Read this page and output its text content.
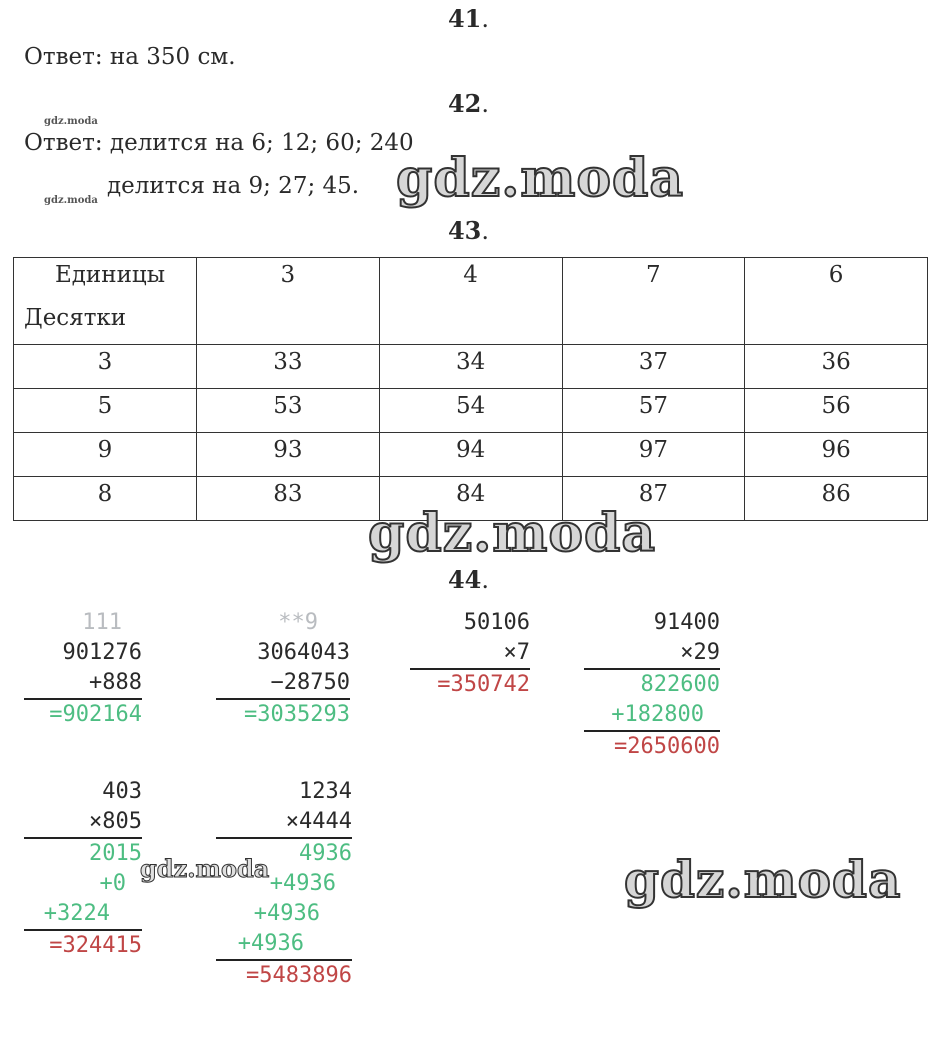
41.
Ответ: на 350 см.
42.
gdz.moda
Ответ: делится на 6; 12; 60; 240
gdz.moda
делится на 9; 27; 45. gdz.moda
43.
Единицы
Десятки	3	4	7	6
3	33	34	37	36
5	53	54	57	56
9	93	94	97	96
8	83	84	87	86
gdz.moda
44.
111
901276
+888
=902164
**9
3064043
−28750
=3035293
50106
×7
=350742
91400
×29
822600
+182800
=2650600
403
×805
2015
+0
+3224
=324415
1234
×4444
4936
+4936
+4936
+4936
=5483896
gdz.moda	gdz.moda
